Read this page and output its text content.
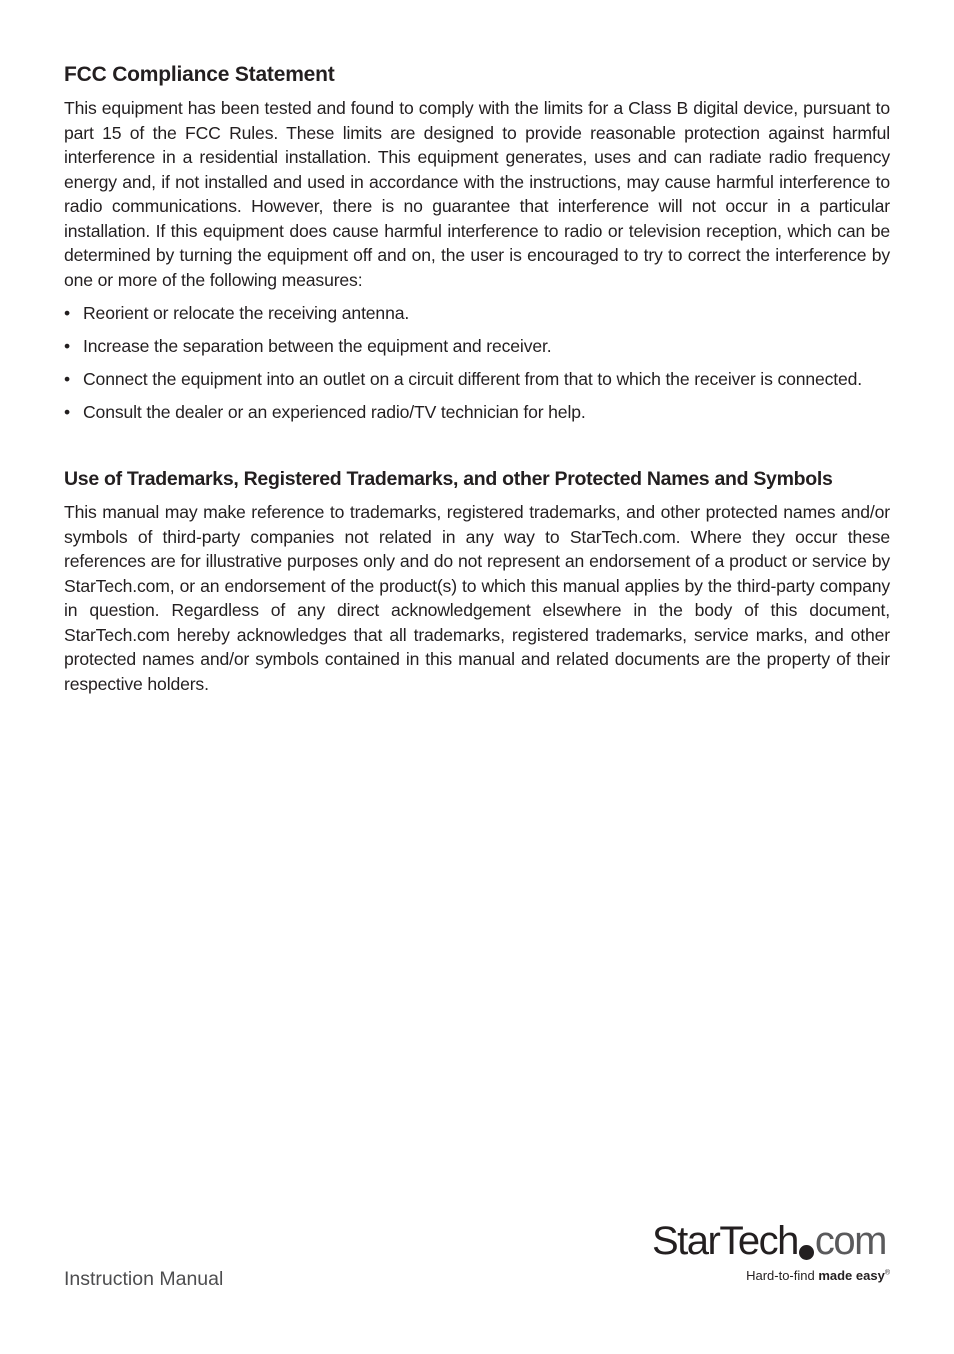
FCC Compliance Statement

This equipment has been tested and found to comply with the limits for a Class B digital device, pursuant to part 15 of the FCC Rules. These limits are designed to provide reasonable protection against harmful interference in a residential installation. This equipment generates, uses and can radiate radio frequency energy and, if not installed and used in accordance with the instructions, may cause harmful interference to radio communications. However, there is no guarantee that interference will not occur in a particular installation. If this equipment does cause harmful interference to radio or television reception, which can be determined by turning the equipment off and on, the user is encouraged to try to correct the interference by one or more of the following measures:

• Reorient or relocate the receiving antenna.
• Increase the separation between the equipment and receiver.
• Connect the equipment into an outlet on a circuit different from that to which the receiver is connected.
• Consult the dealer or an experienced radio/TV technician for help.
Use of Trademarks, Registered Trademarks, and other Protected Names and Symbols

This manual may make reference to trademarks, registered trademarks, and other protected names and/or symbols of third-party companies not related in any way to StarTech.com. Where they occur these references are for illustrative purposes only and do not represent an endorsement of a product or service by StarTech.com, or an endorsement of the product(s) to which this manual applies by the third-party company in question. Regardless of any direct acknowledgement elsewhere in the body of this document, StarTech.com hereby acknowledges that all trademarks, registered trademarks, service marks, and other protected names and/or symbols contained in this manual and related documents are the property of their respective holders.

Instruction Manual
StarTech com
Hard-to-find made easy®
